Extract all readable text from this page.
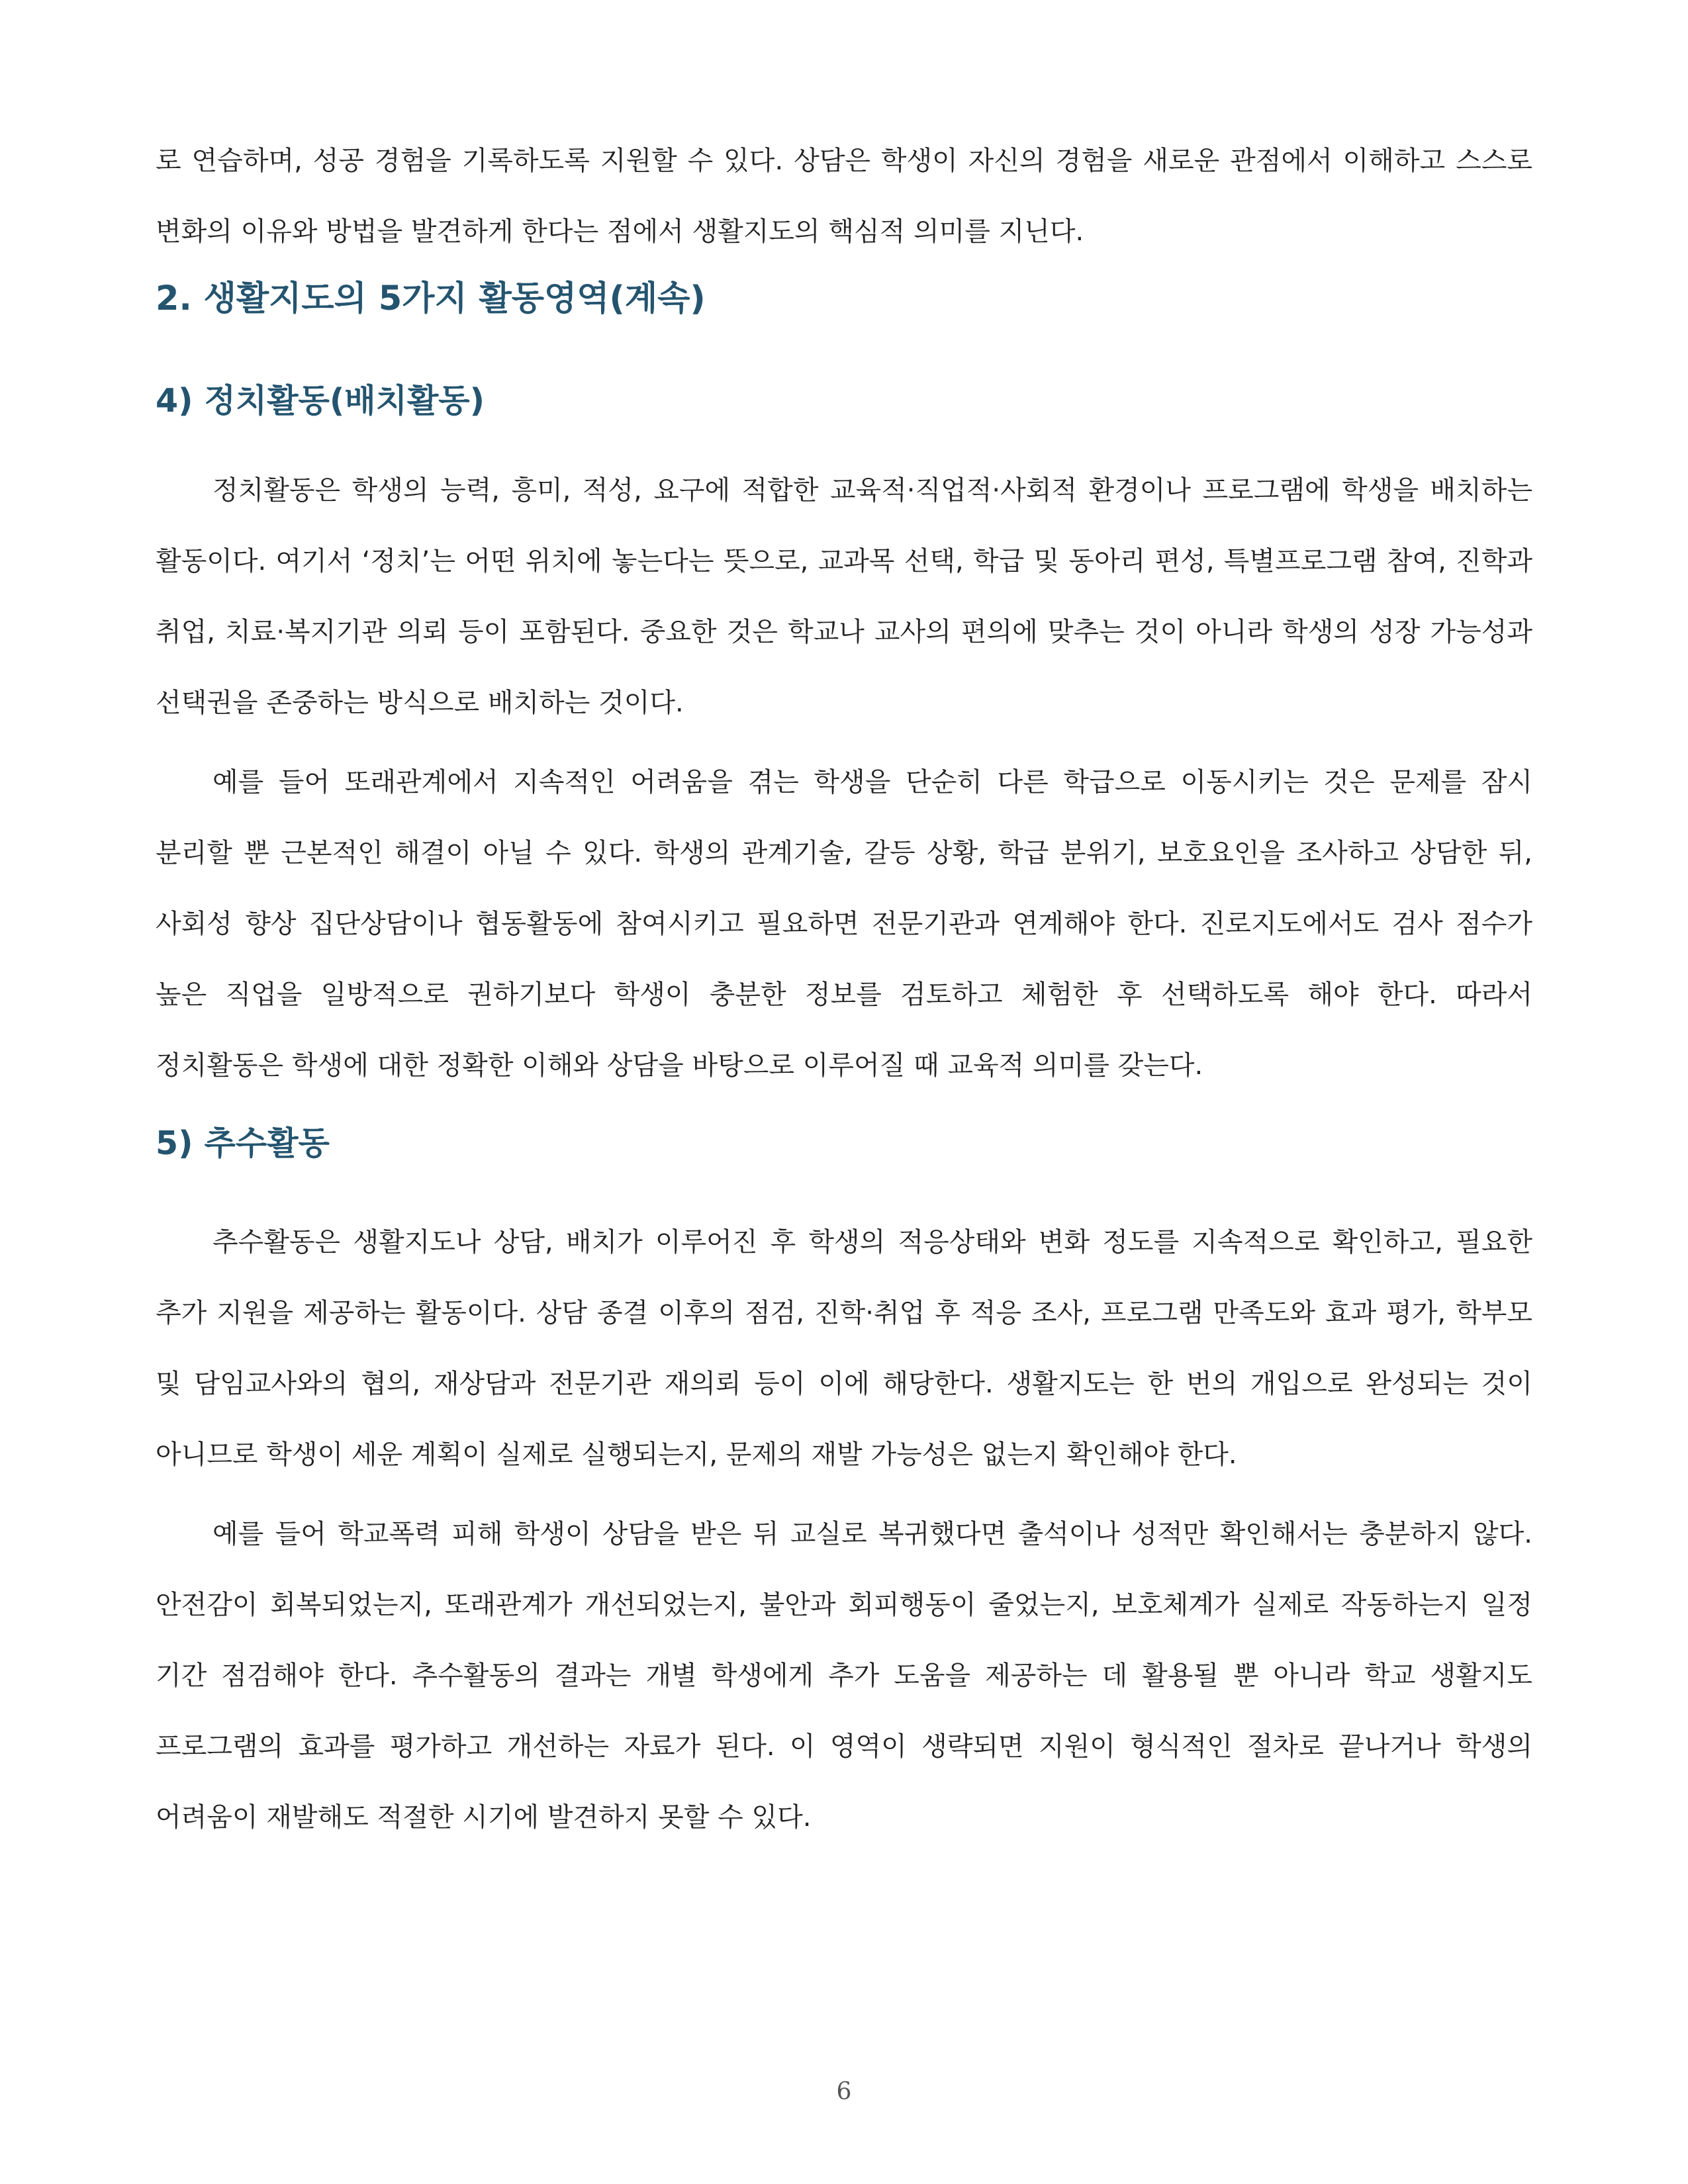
로 연습하며, 성공 경험을 기록하도록 지원할 수 있다. 상담은 학생이 자신의 경험을 새로운 관점에서 이해하고 스스로 변화의 이유와 방법을 발견하게 한다는 점에서 생활지도의 핵심적 의미를 지닌다.

2. 생활지도의 5가지 활동영역(계속)
4) 정치활동(배치활동)

정치활동은 학생의 능력, 흥미, 적성, 요구에 적합한 교육적·직업적·사회적 환경이나 프로그램에 학생을 배치하는 활동이다. 여기서 ‘정치’는 어떤 위치에 놓는다는 뜻으로, 교과목 선택, 학급 및 동아리 편성, 특별프로그램 참여, 진학과 취업, 치료·복지기관 의뢰 등이 포함된다. 중요한 것은 학교나 교사의 편의에 맞추는 것이 아니라 학생의 성장 가능성과 선택권을 존중하는 방식으로 배치하는 것이다.

예를 들어 또래관계에서 지속적인 어려움을 겪는 학생을 단순히 다른 학급으로 이동시키는 것은 문제를 잠시 분리할 뿐 근본적인 해결이 아닐 수 있다. 학생의 관계기술, 갈등 상황, 학급 분위기, 보호요인을 조사하고 상담한 뒤, 사회성 향상 집단상담이나 협동활동에 참여시키고 필요하면 전문기관과 연계해야 한다. 진로지도에서도 검사 점수가 높은 직업을 일방적으로 권하기보다 학생이 충분한 정보를 검토하고 체험한 후 선택하도록 해야 한다. 따라서 정치활동은 학생에 대한 정확한 이해와 상담을 바탕으로 이루어질 때 교육적 의미를 갖는다.

5) 추수활동

추수활동은 생활지도나 상담, 배치가 이루어진 후 학생의 적응상태와 변화 정도를 지속적으로 확인하고, 필요한 추가 지원을 제공하는 활동이다. 상담 종결 이후의 점검, 진학·취업 후 적응 조사, 프로그램 만족도와 효과 평가, 학부모 및 담임교사와의 협의, 재상담과 전문기관 재의뢰 등이 이에 해당한다. 생활지도는 한 번의 개입으로 완성되는 것이 아니므로 학생이 세운 계획이 실제로 실행되는지, 문제의 재발 가능성은 없는지 확인해야 한다.

예를 들어 학교폭력 피해 학생이 상담을 받은 뒤 교실로 복귀했다면 출석이나 성적만 확인해서는 충분하지 않다. 안전감이 회복되었는지, 또래관계가 개선되었는지, 불안과 회피행동이 줄었는지, 보호체계가 실제로 작동하는지 일정 기간 점검해야 한다. 추수활동의 결과는 개별 학생에게 추가 도움을 제공하는 데 활용될 뿐 아니라 학교 생활지도 프로그램의 효과를 평가하고 개선하는 자료가 된다. 이 영역이 생략되면 지원이 형식적인 절차로 끝나거나 학생의 어려움이 재발해도 적절한 시기에 발견하지 못할 수 있다.

6
